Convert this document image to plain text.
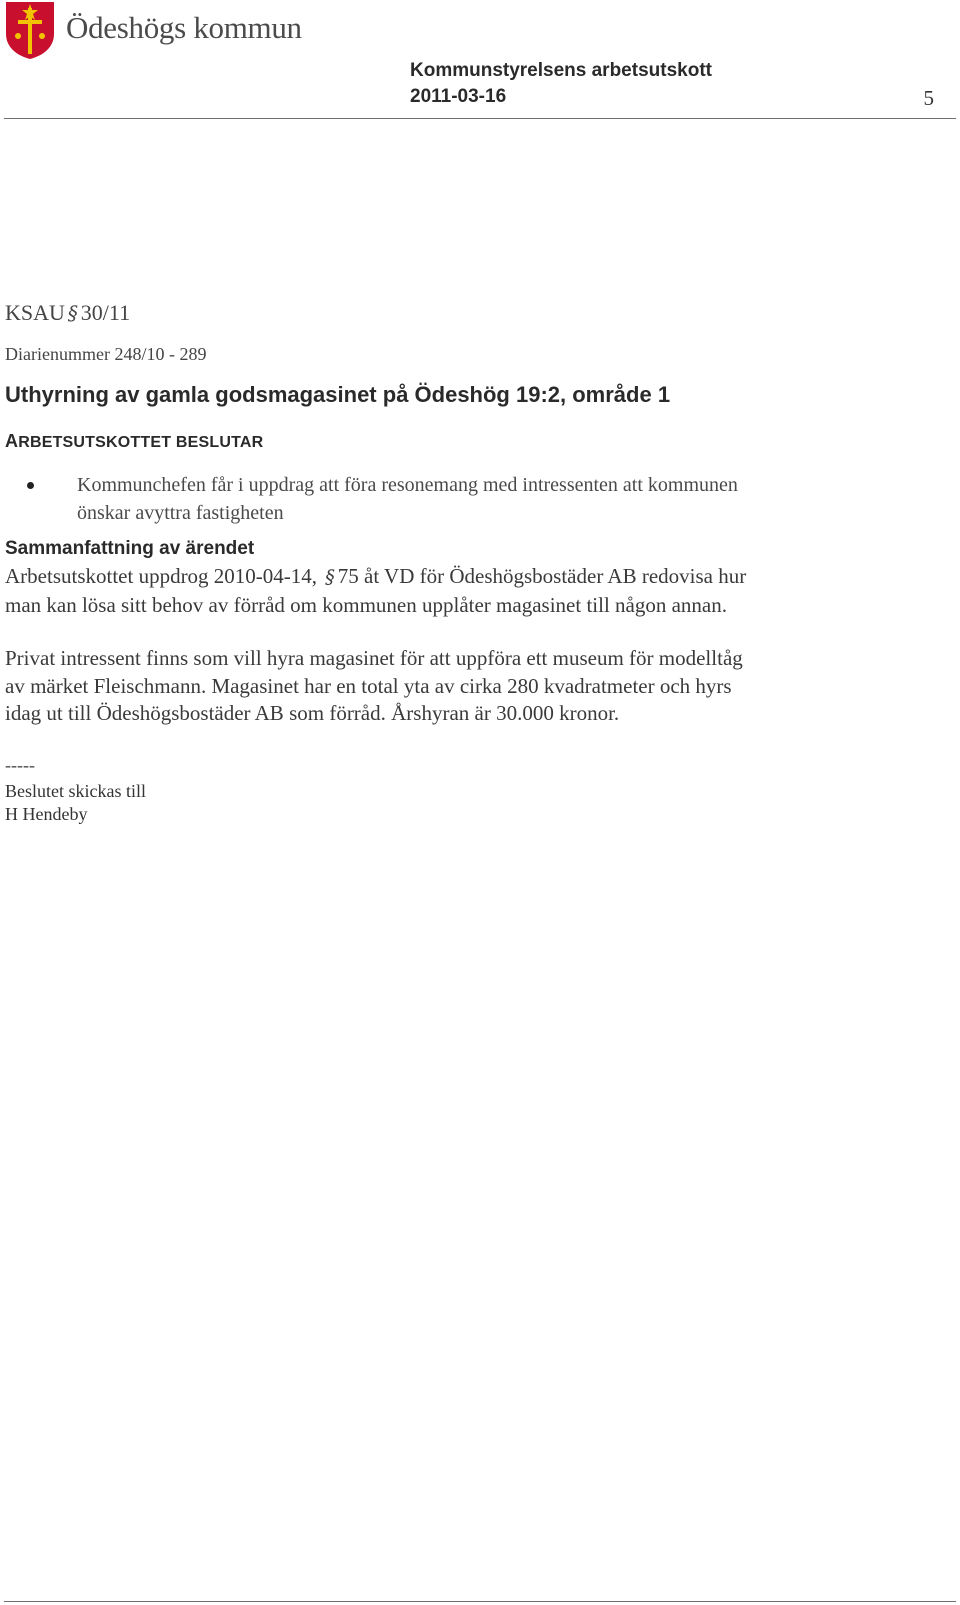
Ödeshögs kommun
Kommunstyrelsens arbetsutskott
2011-03-16	5

KSAU § 30/11

Diarienummer 248/10 - 289

Uthyrning av gamla godsmagasinet på Ödeshög 19:2, område 1
ARBETSUTSKOTTET BESLUTAR
Kommunchefen får i uppdrag att föra resonemang med intressenten att kommunen önskar avyttra fastigheten
Sammanfattning av ärendet

Arbetsutskottet uppdrog 2010-04-14, § 75 åt VD för Ödeshögsbostäder AB redovisa hur man kan lösa sitt behov av förråd om kommunen upplåter magasinet till någon annan.

Privat intressent finns som vill hyra magasinet för att uppföra ett museum för modelltåg av märket Fleischmann. Magasinet har en total yta av cirka 280 kvadratmeter och hyrs idag ut till Ödeshögsbostäder AB som förråd. Årshyran är 30.000 kronor.

-----

Beslutet skickas till

H Hendeby
